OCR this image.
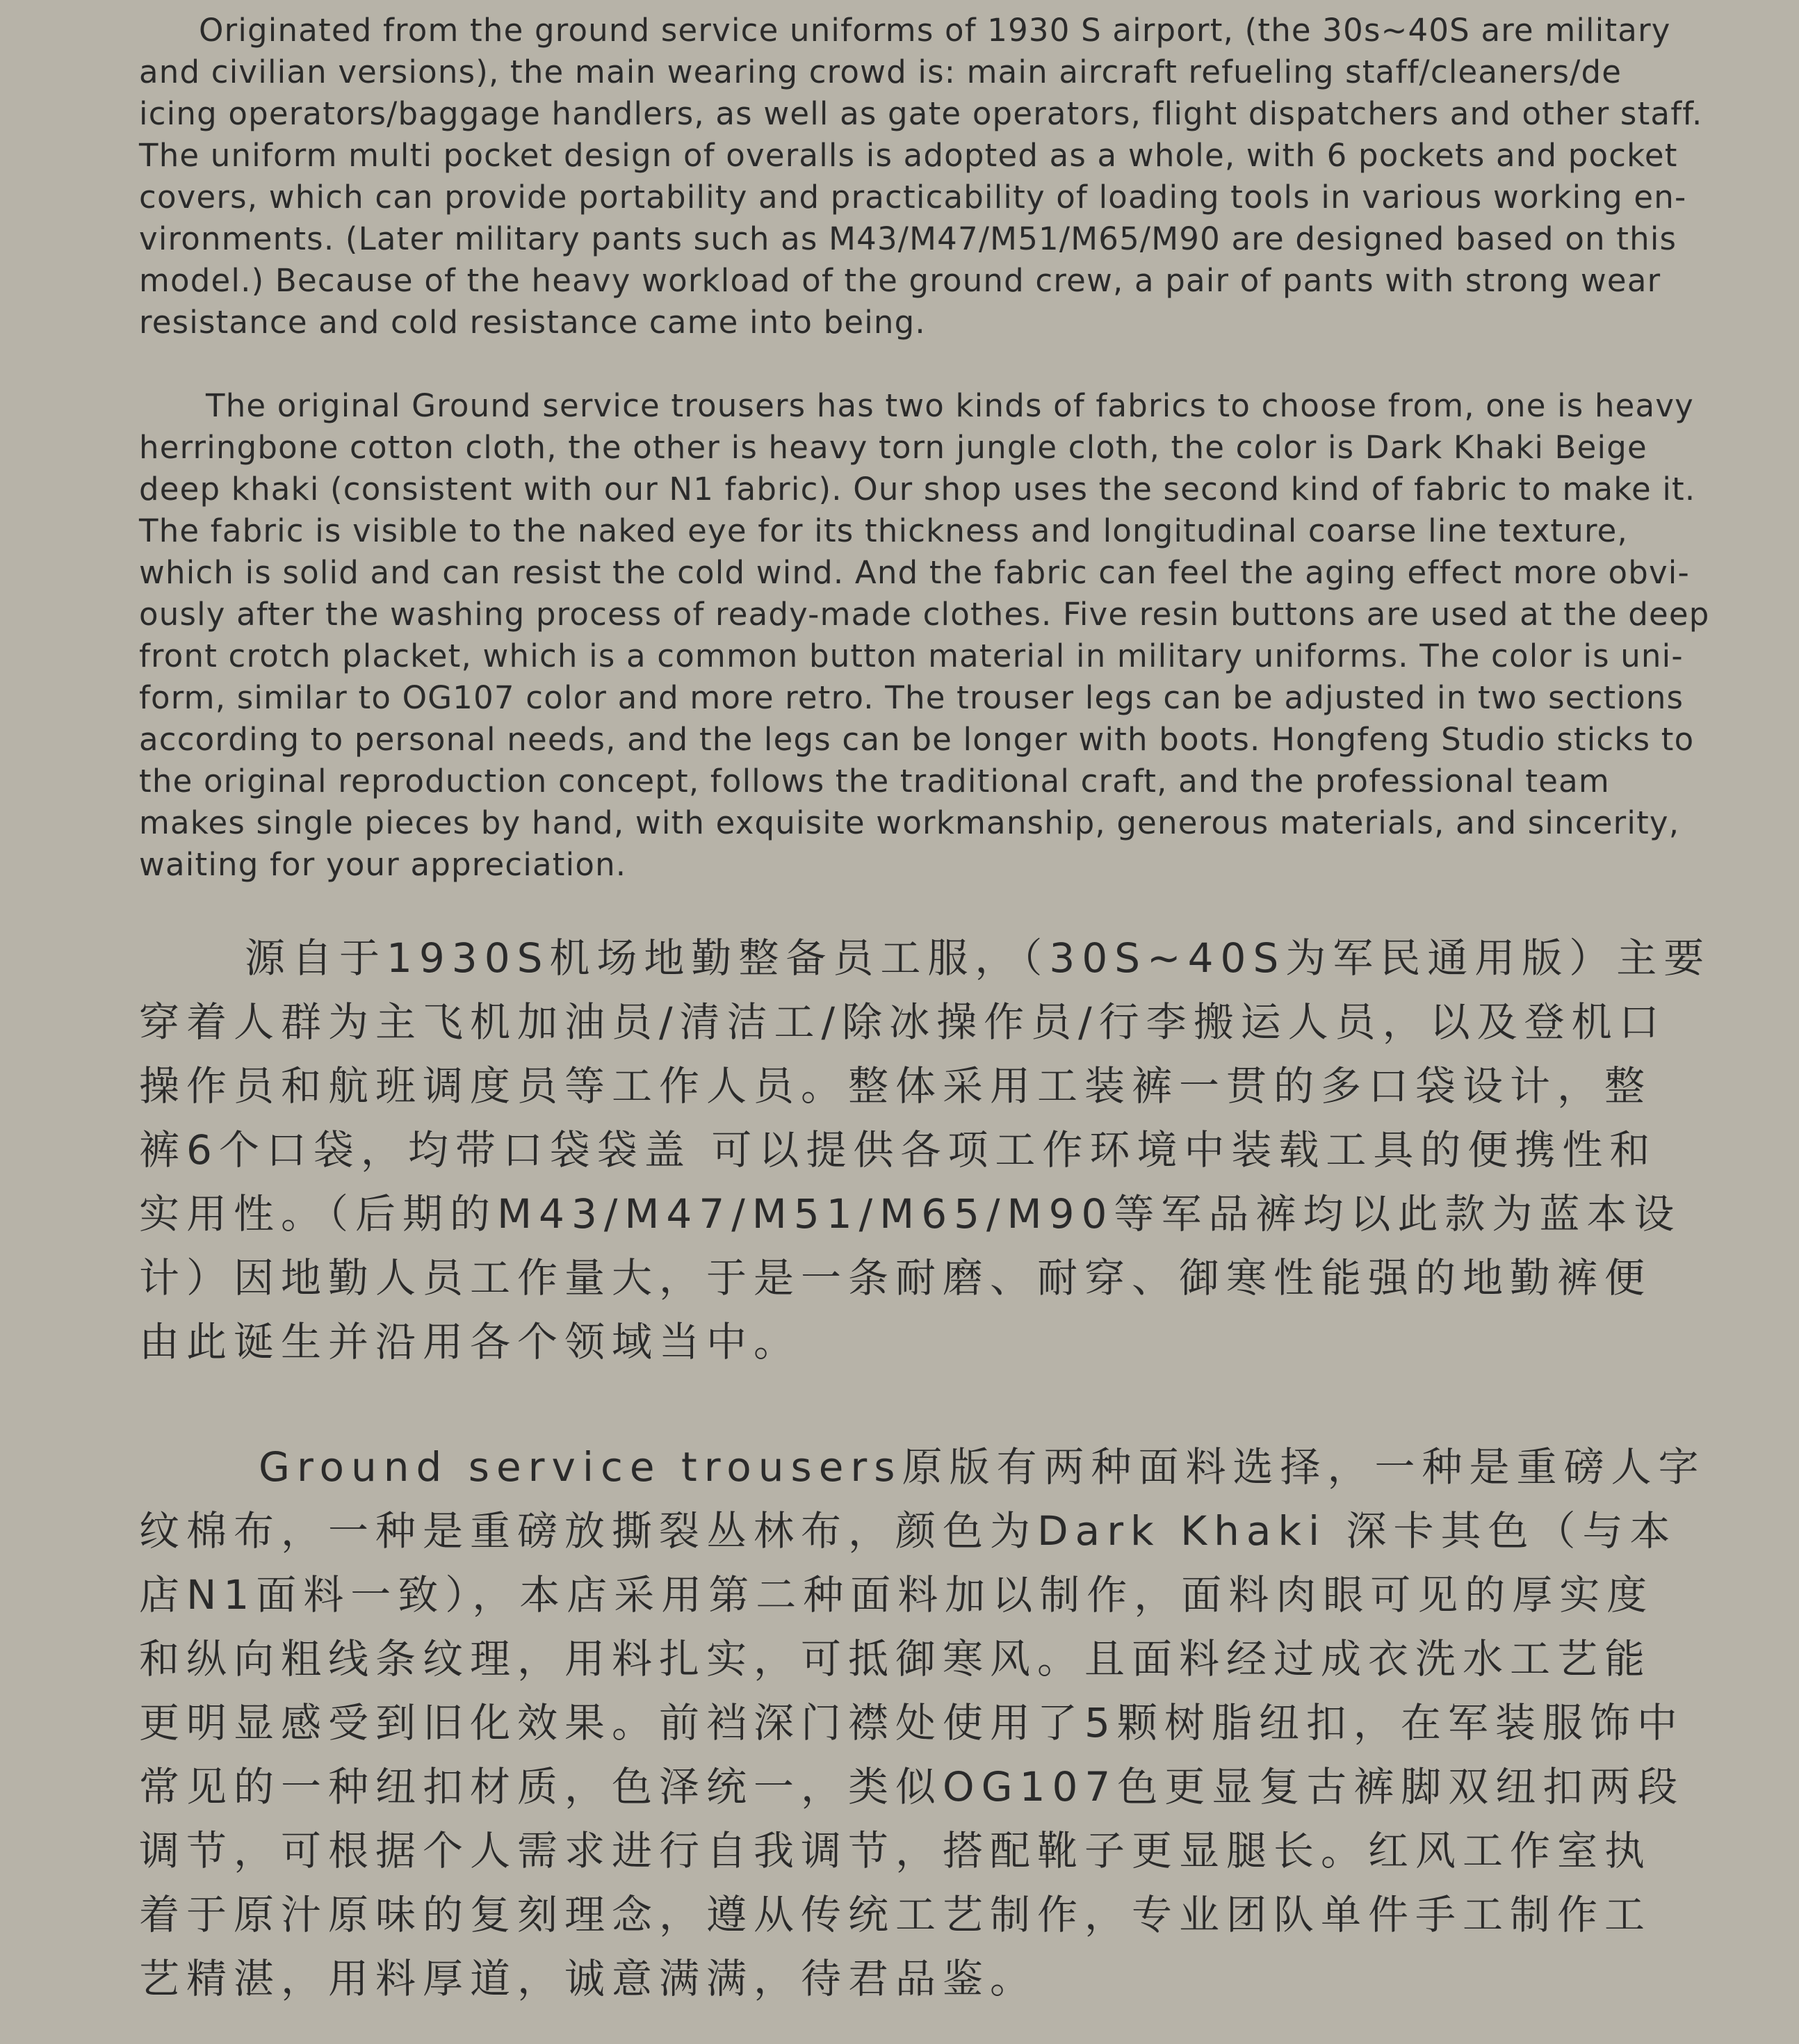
Originated from the ground service uniforms of 1930 S airport, (the 30s~40S are military
and civilian versions), the main wearing crowd is: main aircraft refueling staff/cleaners/de
icing operators/baggage handlers, as well as gate operators, flight dispatchers and other staff.
The uniform multi pocket design of overalls is adopted as a whole, with 6 pockets and pocket
covers, which can provide portability and practicability of loading tools in various working en-
vironments. (Later military pants such as M43/M47/M51/M65/M90 are designed based on this
model.) Because of the heavy workload of the ground crew, a pair of pants with strong wear
resistance and cold resistance came into being.
The original Ground service trousers has two kinds of fabrics to choose from, one is heavy
herringbone cotton cloth, the other is heavy torn jungle cloth, the color is Dark Khaki Beige
deep khaki (consistent with our N1 fabric). Our shop uses the second kind of fabric to make it.
The fabric is visible to the naked eye for its thickness and longitudinal coarse line texture,
which is solid and can resist the cold wind. And the fabric can feel the aging effect more obvi-
ously after the washing process of ready-made clothes. Five resin buttons are used at the deep
front crotch placket, which is a common button material in military uniforms. The color is uni-
form, similar to OG107 color and more retro. The trouser legs can be adjusted in two sections
according to personal needs, and the legs can be longer with boots. Hongfeng Studio sticks to
the original reproduction concept, follows the traditional craft, and the professional team
makes single pieces by hand, with exquisite workmanship, generous materials, and sincerity,
waiting for your appreciation.
源自于1930S机场地勤整备员工服，（30S~40S为军民通用版）主要
穿着人群为主飞机加油员/清洁工/除冰操作员/行李搬运人员，以及登机口
操作员和航班调度员等工作人员。整体采用工装裤一贯的多口袋设计，整
裤6个口袋，均带口袋袋盖 可以提供各项工作环境中装载工具的便携性和
实用性。（后期的M43/M47/M51/M65/M90等军品裤均以此款为蓝本设
计）因地勤人员工作量大，于是一条耐磨、耐穿、御寒性能强的地勤裤便
由此诞生并沿用各个领域当中。
Ground service trousers原版有两种面料选择，一种是重磅人字
纹棉布，一种是重磅放撕裂丛林布，颜色为Dark Khaki 深卡其色（与本
店N1面料一致），本店采用第二种面料加以制作，面料肉眼可见的厚实度
和纵向粗线条纹理，用料扎实，可抵御寒风。且面料经过成衣洗水工艺能
更明显感受到旧化效果。前裆深门襟处使用了5颗树脂纽扣，在军装服饰中
常见的一种纽扣材质，色泽统一，类似OG107色更显复古裤脚双纽扣两段
调节，可根据个人需求进行自我调节，搭配靴子更显腿长。红风工作室执
着于原汁原味的复刻理念，遵从传统工艺制作，专业团队单件手工制作工
艺精湛，用料厚道，诚意满满，待君品鉴。
